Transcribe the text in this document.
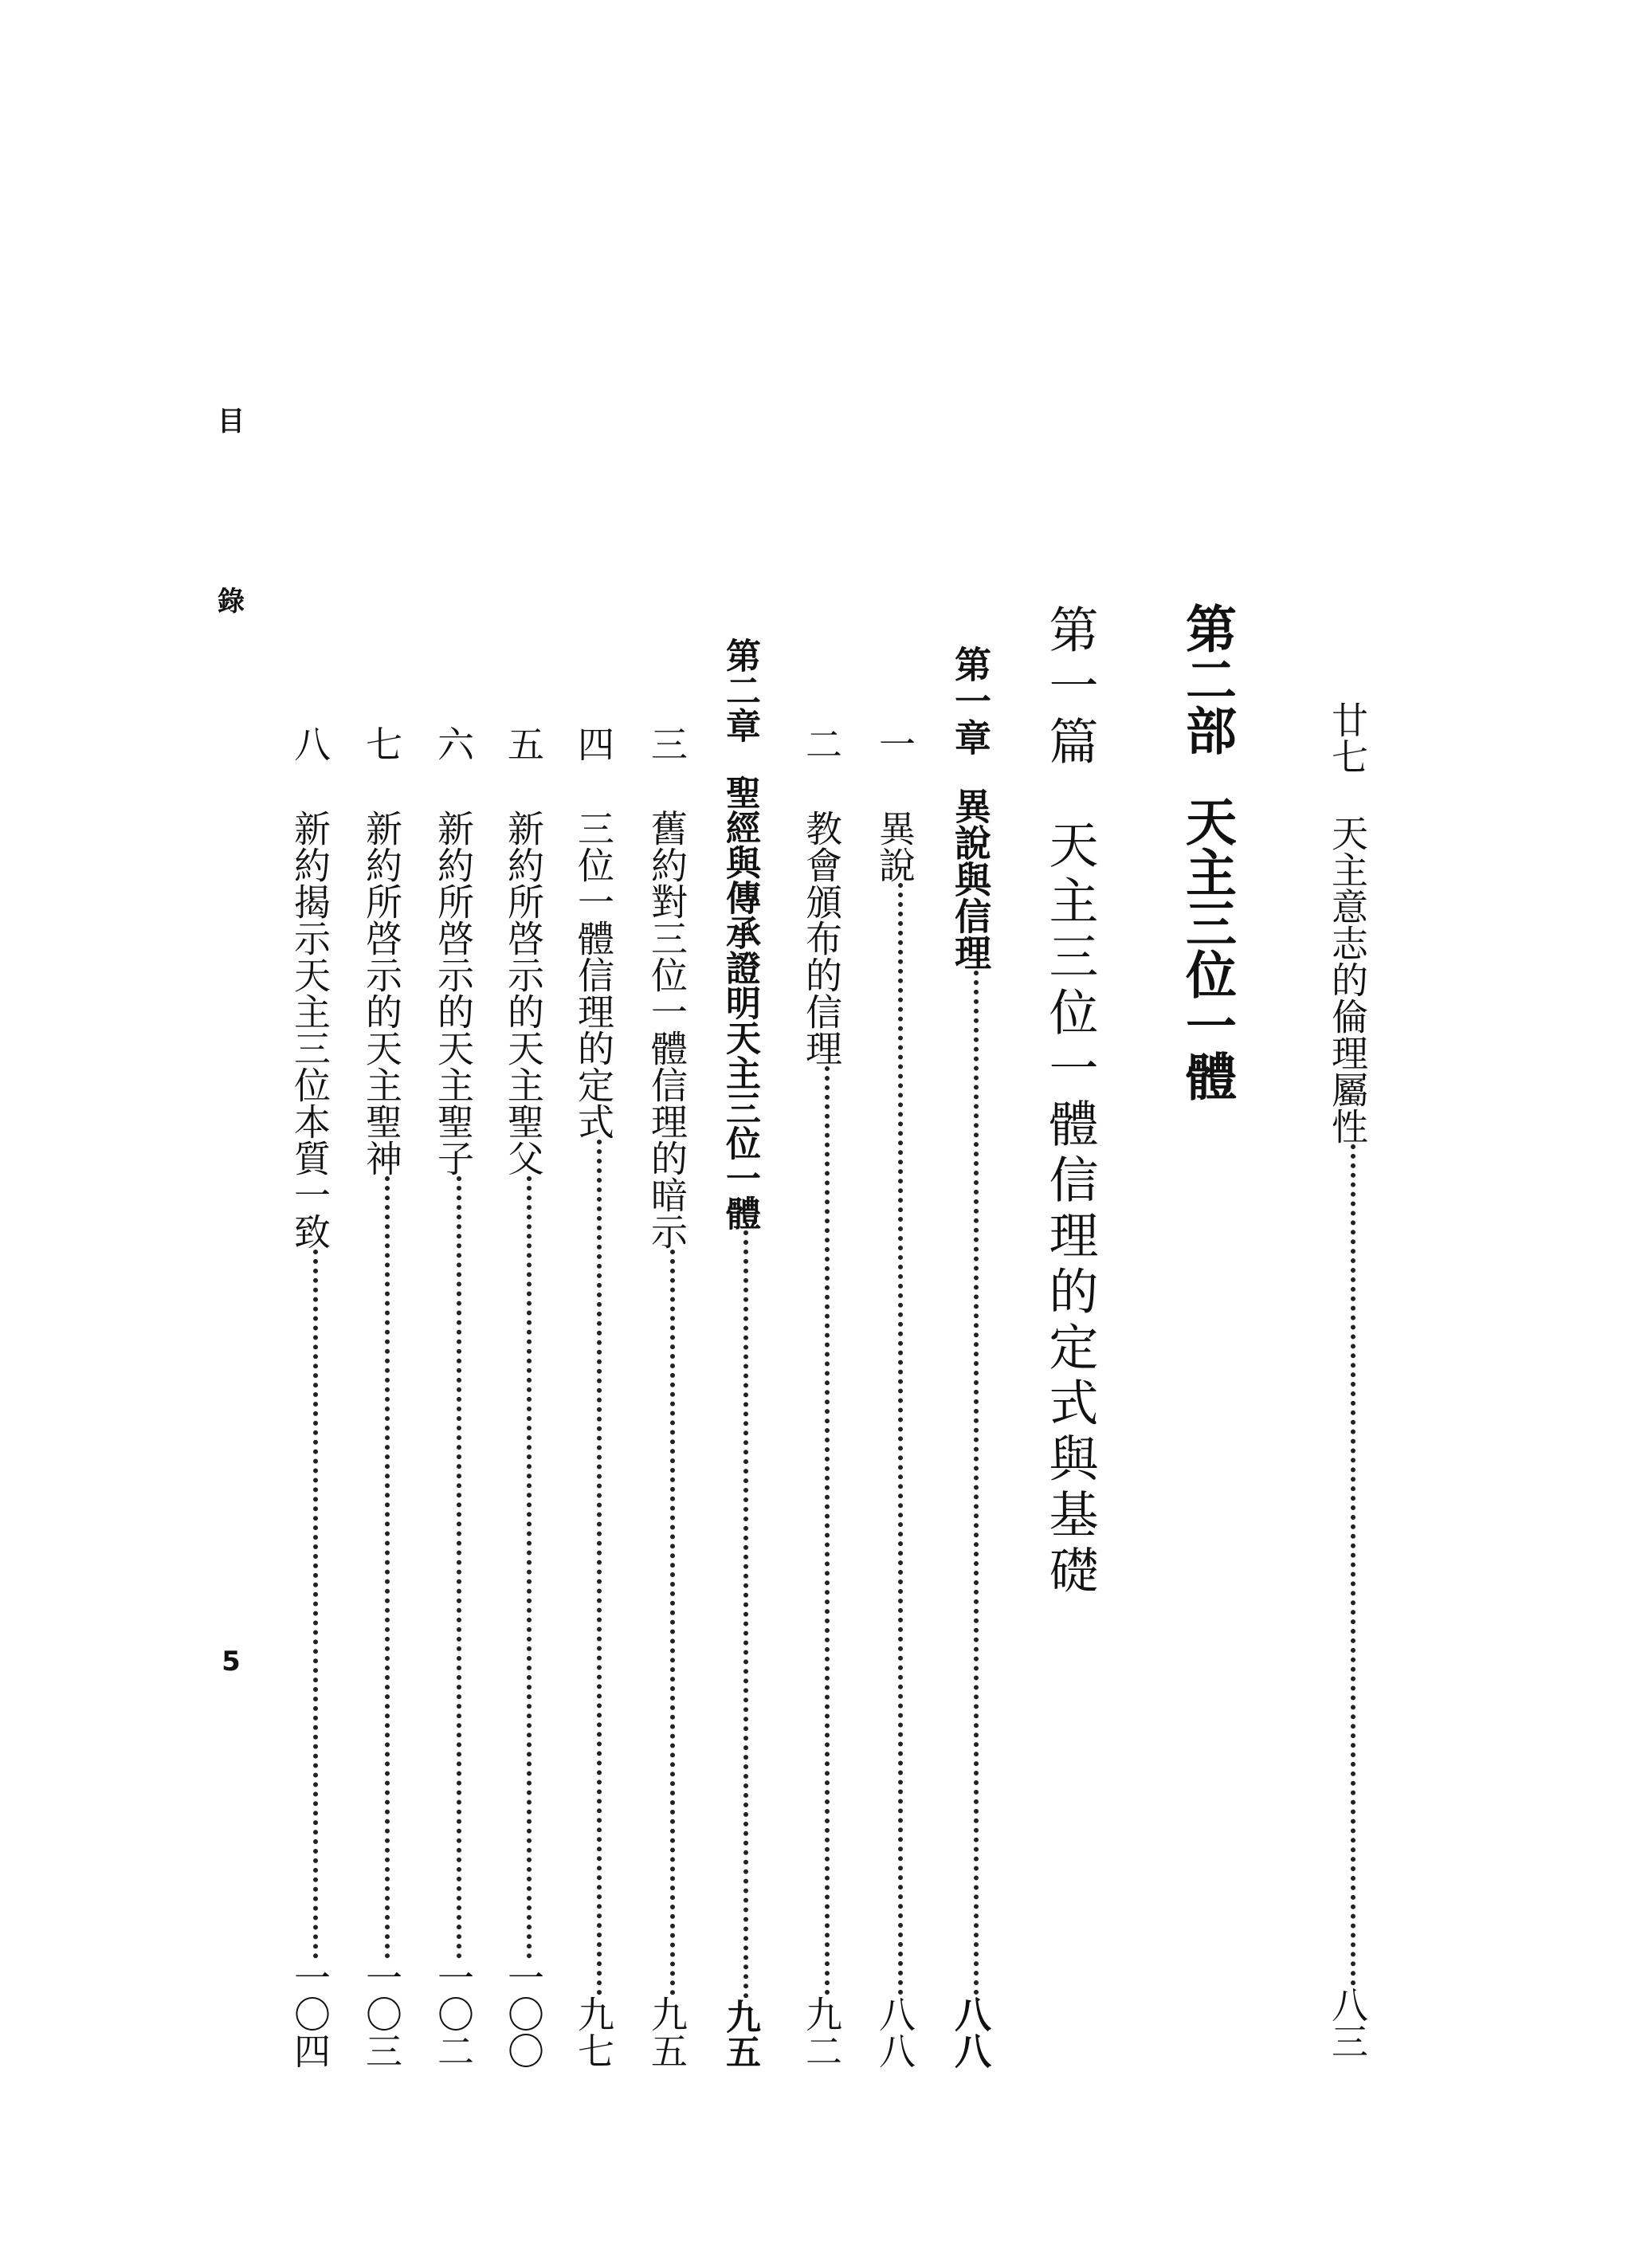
目
錄
5
廿七
天主意志的倫理屬性
八三
第二部
天主三位一體
第一篇
天主三位一體信理的定式與基礎
第一章
異說與信理
八八
一
異說
八八
二
教會頒布的信理
九二
第二章
聖經與傳承證明天主三位一體
九五
三
舊約對三位一體信理的暗示
九五
四
三位一體信理的定式
九七
五
新約所啓示的天主聖父
一〇〇
六
新約所啓示的天主聖子
一〇二
七
新約所啓示的天主聖神
一〇三
八
新約揭示天主三位本質一致
一〇四
